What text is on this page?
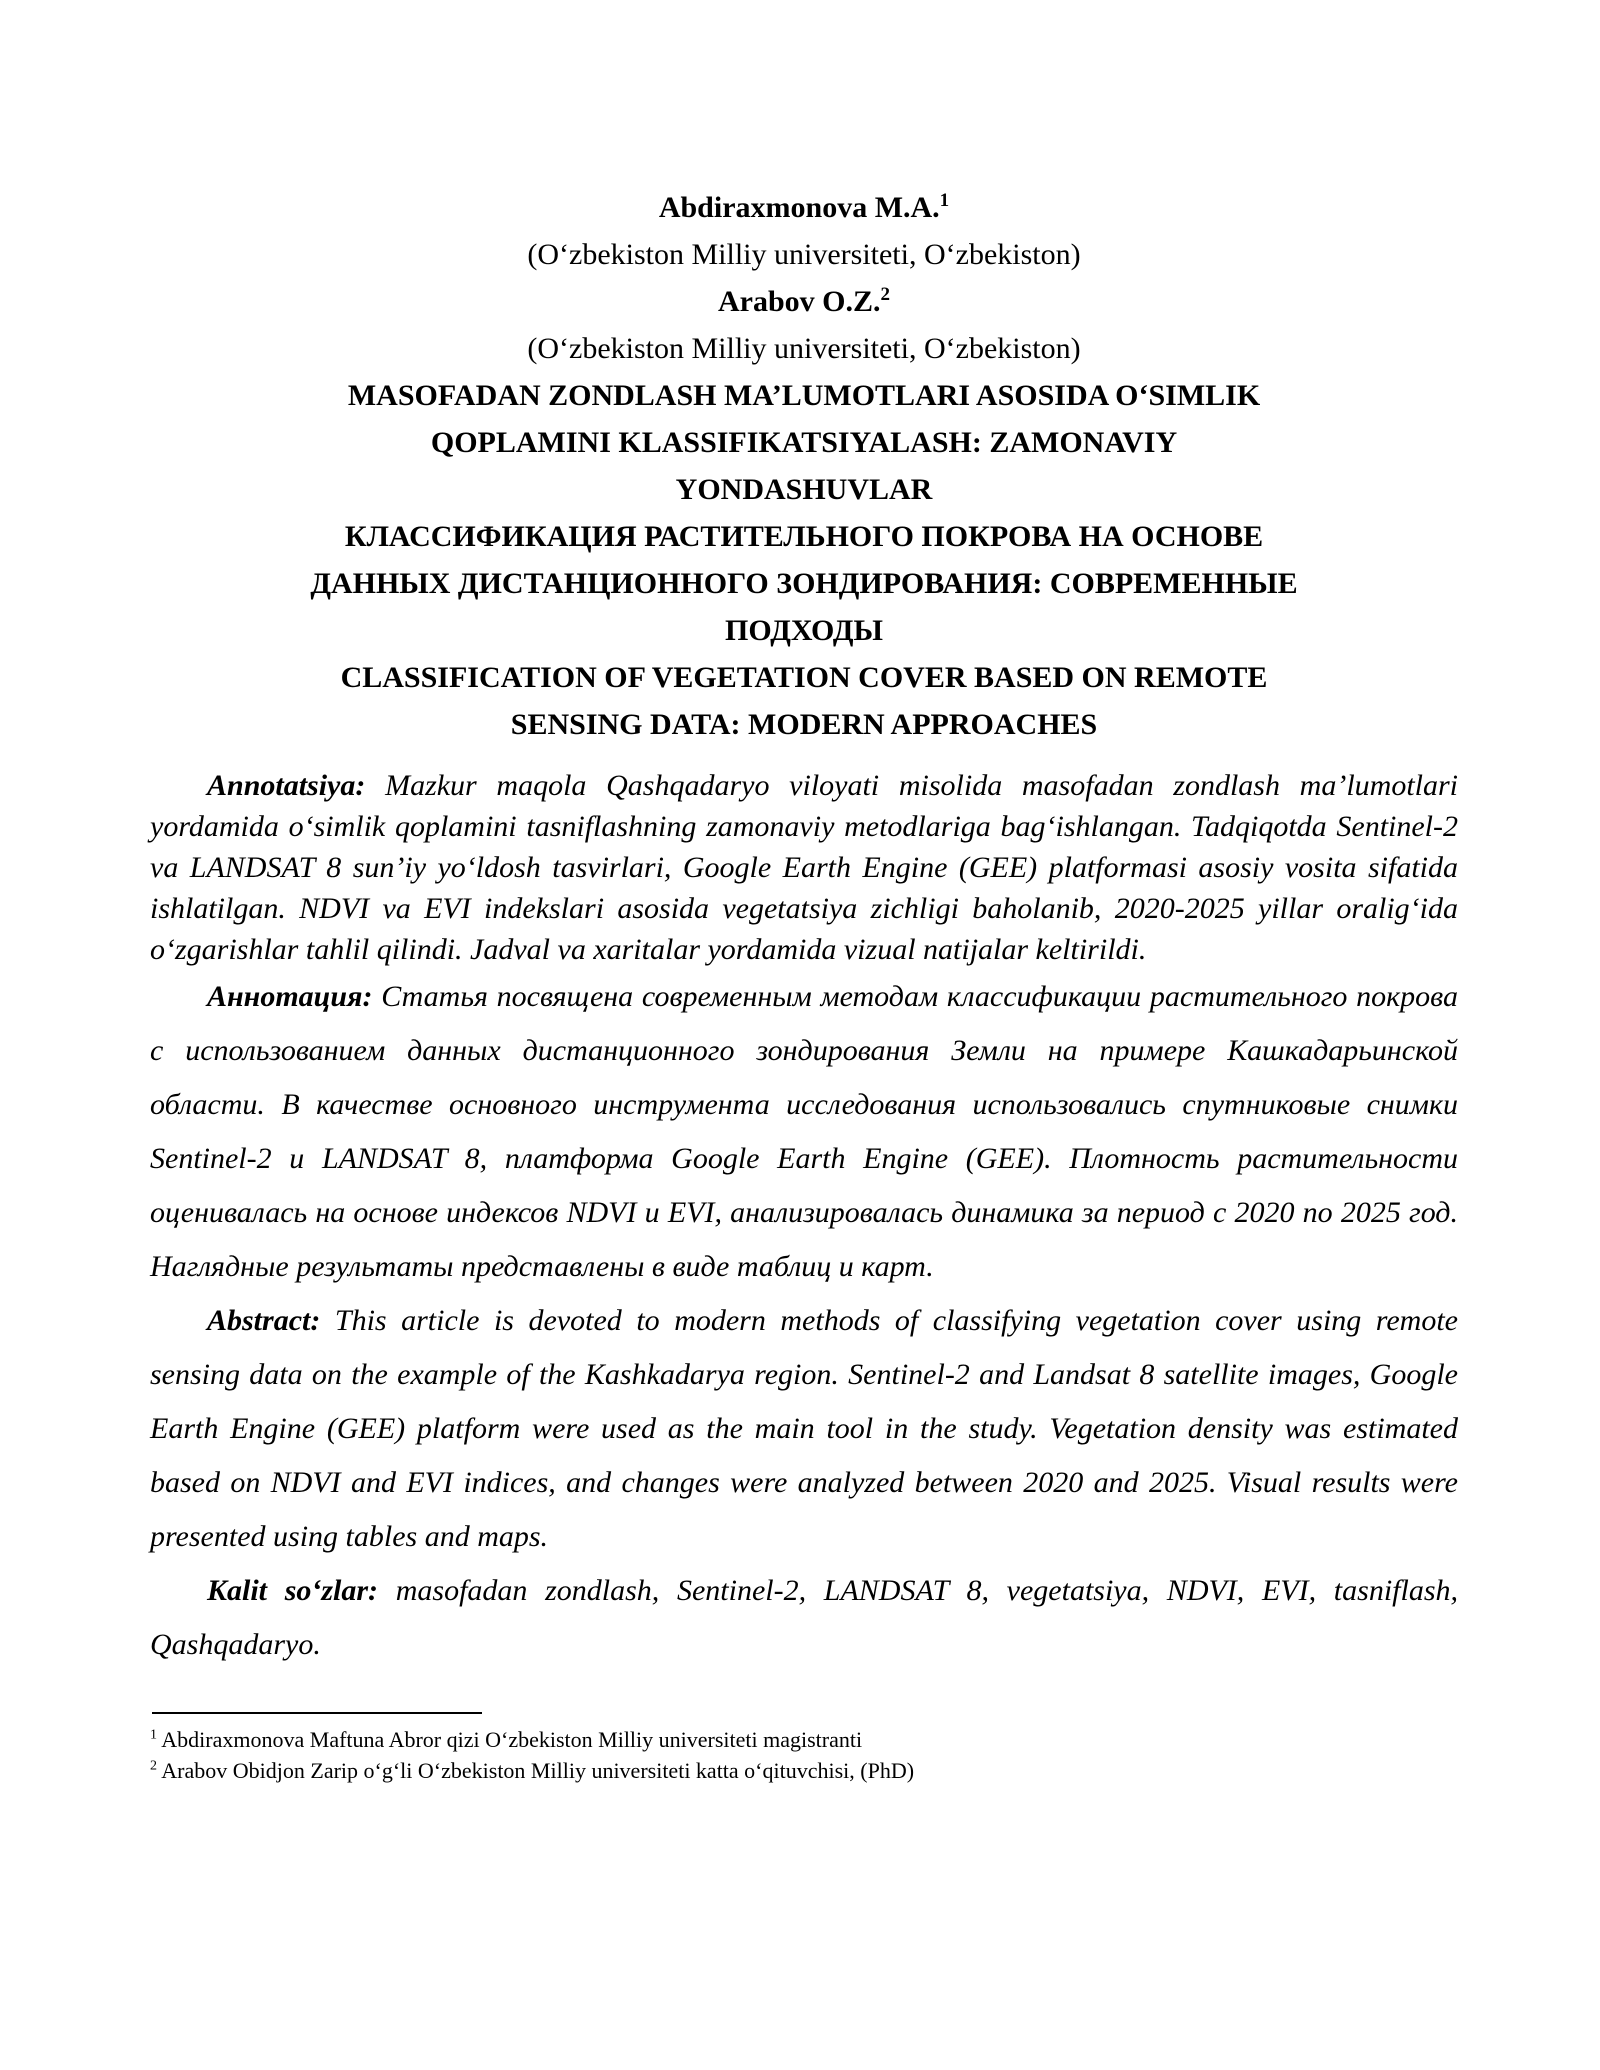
Abdiraxmonova M.A.$^1$

(O‘zbekiston Milliy universiteti, O‘zbekiston)

Arabov O.Z.$^2$

(O‘zbekiston Milliy universiteti, O‘zbekiston)

MASOFADAN ZONDLASH MA’LUMOTLARI ASOSIDA O‘SIMLIK

QOPLAMINI KLASSIFIKATSIYALASH: ZAMONAVIY

YONDASHUVLAR

КЛАССИФИКАЦИЯ РАСТИТЕЛЬНОГО ПОКРОВА НА ОСНОВЕ

ДАННЫХ ДИСТАНЦИОННОГО ЗОНДИРОВАНИЯ: СОВРЕМЕННЫЕ

ПОДХОДЫ

CLASSIFICATION OF VEGETATION COVER BASED ON REMOTE

SENSING DATA: MODERN APPROACHES

Annotatsiya: Mazkur maqola Qashqadaryo viloyati misolida masofadan zondlash ma’lumotlari yordamida o‘simlik qoplamini tasniflashning zamonaviy metodlariga bag‘ishlangan. Tadqiqotda Sentinel-2 va LANDSAT 8 sun’iy yo‘ldosh tasvirlari, Google Earth Engine (GEE) platformasi asosiy vosita sifatida ishlatilgan. NDVI va EVI indekslari asosida vegetatsiya zichligi baholanib, 2020-2025 yillar oralig‘ida o‘zgarishlar tahlil qilindi. Jadval va xaritalar yordamida vizual natijalar keltirildi.

Аннотация: Статья посвящена современным методам классификации растительного покрова с использованием данных дистанционного зондирования Земли на примере Кашкадарьинской области. В качестве основного инструмента исследования использовались спутниковые снимки Sentinel-2 и LANDSAT 8, платформа Google Earth Engine (GEE). Плотность растительности оценивалась на основе индексов NDVI и EVI, анализировалась динамика за период с 2020 по 2025 год. Наглядные результаты представлены в виде таблиц и карт.

Abstract: This article is devoted to modern methods of classifying vegetation cover using remote sensing data on the example of the Kashkadarya region. Sentinel-2 and Landsat 8 satellite images, Google Earth Engine (GEE) platform were used as the main tool in the study. Vegetation density was estimated based on NDVI and EVI indices, and changes were analyzed between 2020 and 2025. Visual results were presented using tables and maps.

Kalit so‘zlar: masofadan zondlash, Sentinel-2, LANDSAT 8, vegetatsiya, NDVI, EVI, tasniflash, Qashqadaryo.

$^1$ Abdiraxmonova Maftuna Abror qizi O‘zbekiston Milliy universiteti magistranti

$^2$ Arabov Obidjon Zarip o‘g‘li O‘zbekiston Milliy universiteti katta o‘qituvchisi, (PhD)
